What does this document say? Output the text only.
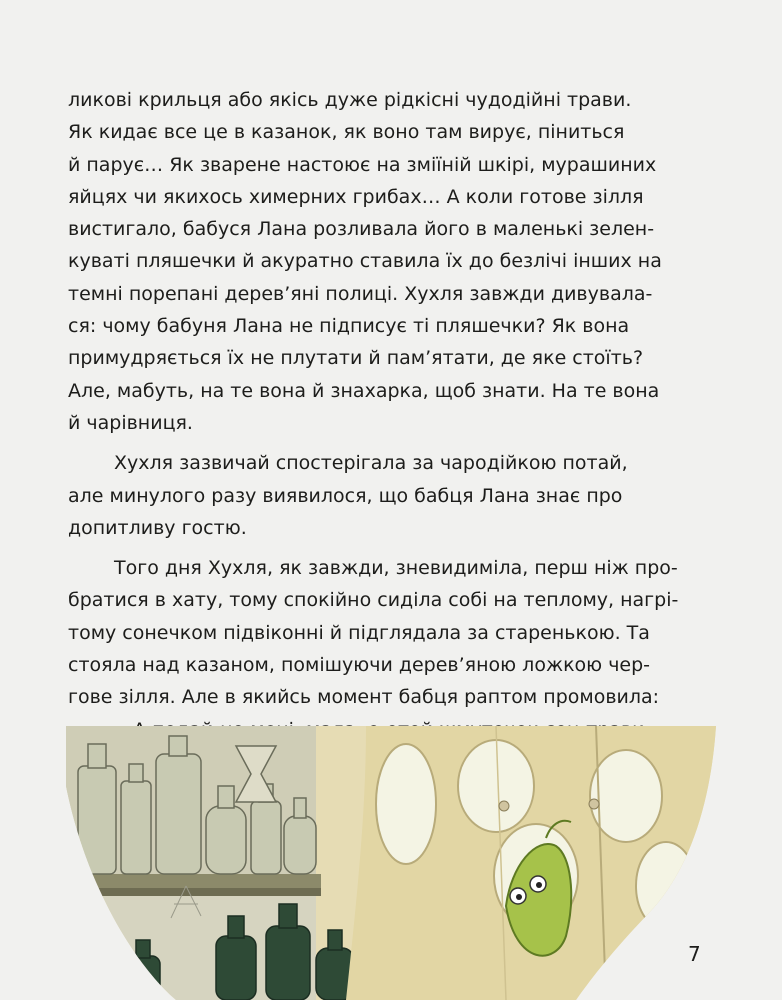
ликові крильця або якісь дуже рідкісні чудодійні трави.
Як кидає все це в казанок, як воно там вирує, піниться
й парує… Як зварене настоює на зміїній шкірі, мурашиних
яйцях чи якихось химерних грибах… А коли готове зілля
вистигало, бабуся Лана розливала його в маленькі зелен-
куваті пляшечки й акуратно ставила їх до безлічі інших на
темні порепані дерев’яні полиці. Хухля завжди дивувала-
ся: чому бабуня Лана не підписує ті пляшечки? Як вона
примудряється їх не плутати й пам’ятати, де яке стоїть?
Але, мабуть, на те вона й знахарка, щоб знати. На те вона
й чарівниця.

Хухля зазвичай спостерігала за чародійкою потай,
але минулого разу виявилося, що бабця Лана знає про
допитливу гостю.

Того дня Хухля, як завжди, зневидиміла, перш ніж про-
братися в хату, тому спокійно сиділа собі на теплому, нагрі-
тому сонечком підвіконні й підглядала за старенькою. Та
стояла над казаном, помішуючи дерев’яною ложкою чер-
гове зілля. Але в якийсь момент бабця раптом промовила:

7
